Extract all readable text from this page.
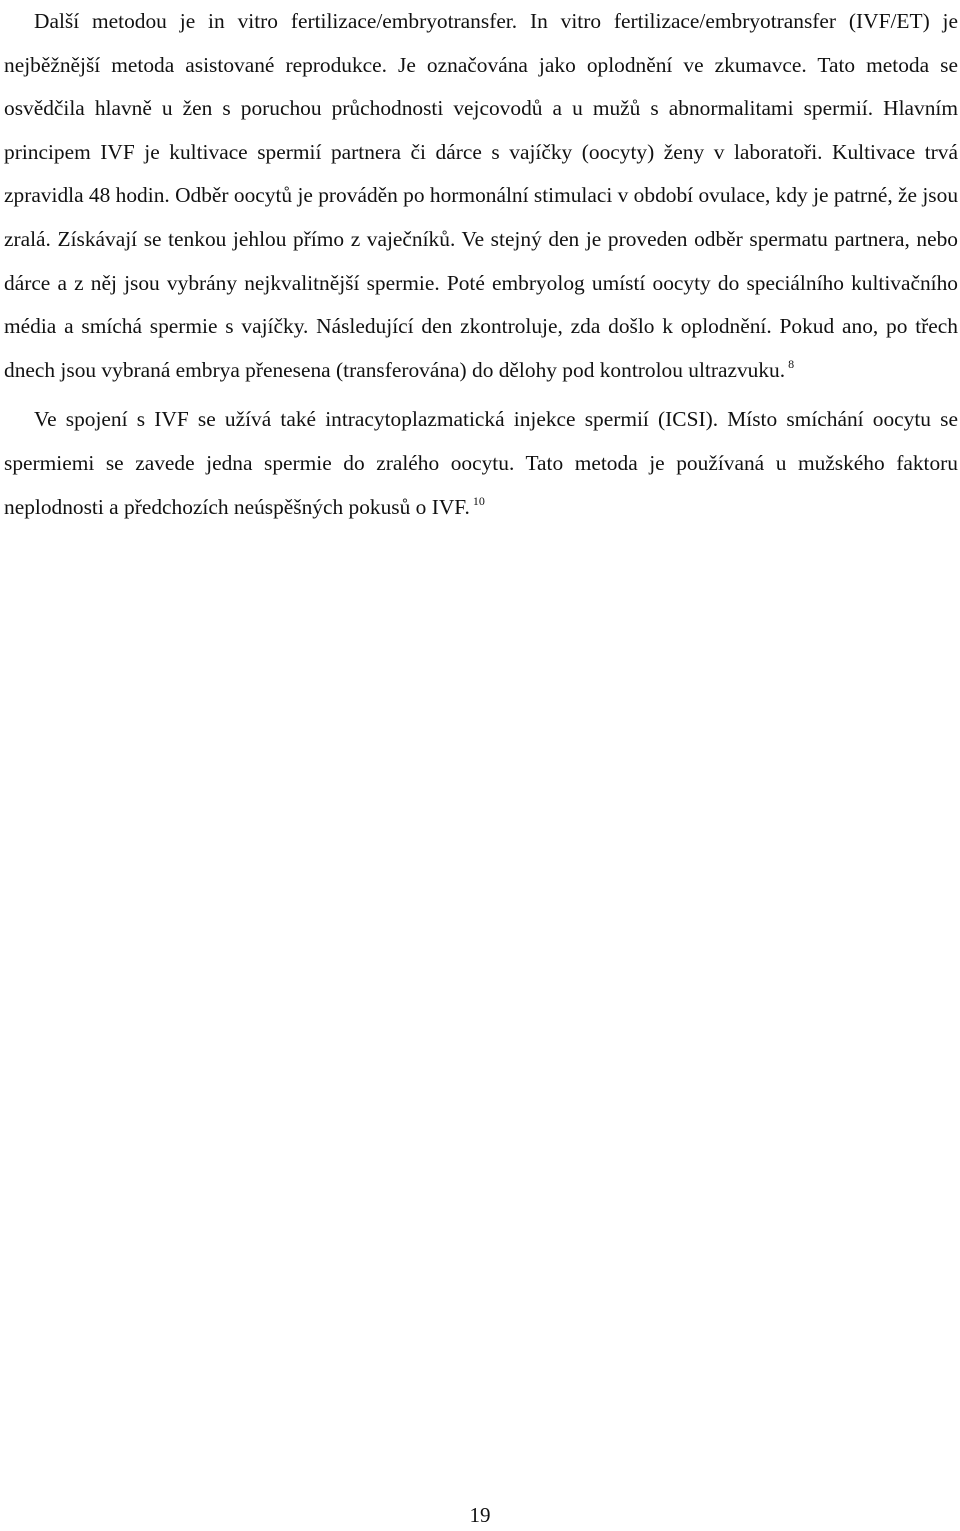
Další metodou je in vitro fertilizace/embryotransfer. In vitro fertilizace/embryotransfer (IVF/ET) je nejběžnější metoda asistované reprodukce. Je označována jako oplodnění ve zkumavce. Tato metoda se osvědčila hlavně u žen s poruchou průchodnosti vejcovodů a u mužů s abnormalitami spermií. Hlavním principem IVF je kultivace spermií partnera či dárce s vajíčky (oocyty) ženy v laboratoři. Kultivace trvá zpravidla 48 hodin. Odběr oocytů je prováděn po hormonální stimulaci v období ovulace, kdy je patrné, že jsou zralá. Získávají se tenkou jehlou přímo z vaječníků. Ve stejný den je proveden odběr spermatu partnera, nebo dárce a z něj jsou vybrány nejkvalitnější spermie. Poté embryolog umístí oocyty do speciálního kultivačního média a smíchá spermie s vajíčky. Následující den zkontroluje, zda došlo k oplodnění. Pokud ano, po třech dnech jsou vybraná embrya přenesena (transferována) do dělohy pod kontrolou ultrazvuku. $^8$

Ve spojení s IVF se užívá také intracytoplazmatická injekce spermií (ICSI). Místo smíchání oocytu se spermiemi se zavede jedna spermie do zralého oocytu. Tato metoda je používaná u mužského faktoru neplodnosti a předchozích neúspěšných pokusů o IVF. $^{10}$

19
